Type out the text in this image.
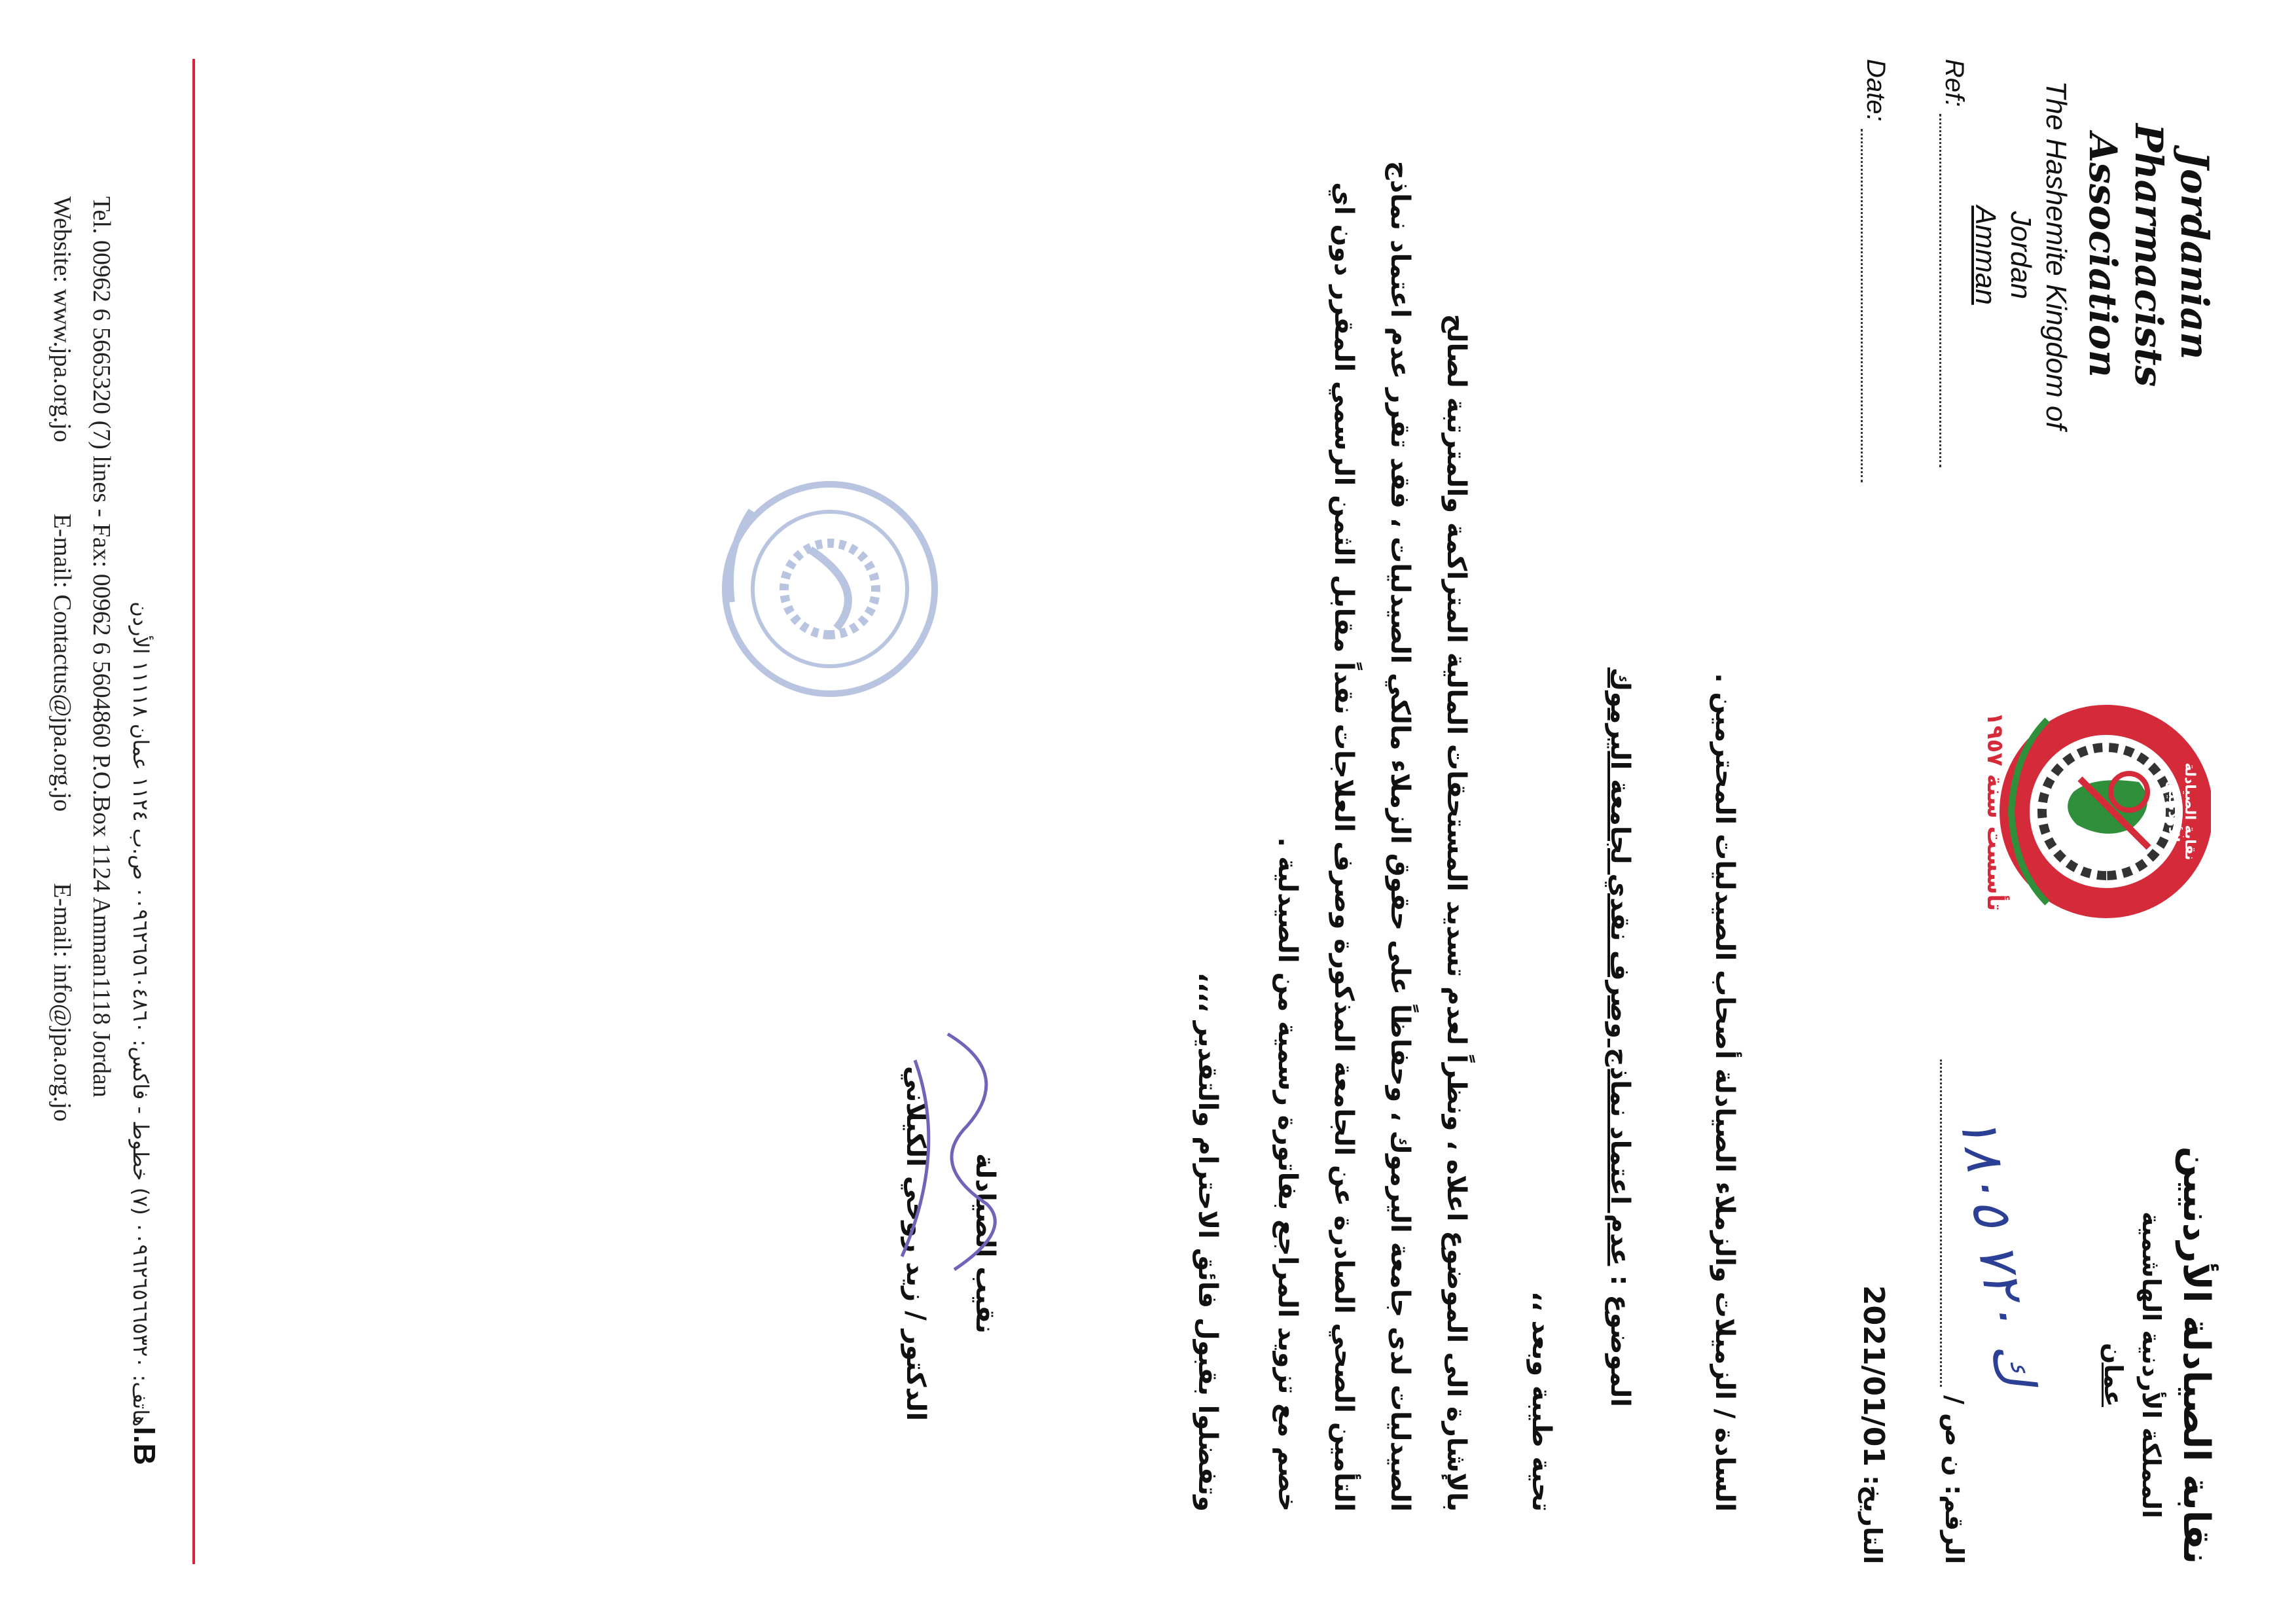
Jordanian Pharmacists
Association
The Hashemite Kingdom of Jordan
Amman
Ref:
Date:
نقابة الصيادلة الأردنيين
تأسست سنة ١٩٥٧
نقابة الصيادلة الأردنيين
المملكة الأردنية الهاشمية
عمان
الرقم: ن ص /
ك ٧٢٠ ١٨٠٥
التاريخ: 2021/01/01
السادة / الزميلات والزملاء الصيادلة أصحاب الصيدليات المحترمين .
الموضوع : عدم اعتماد نماذج وصرف نقدي لجامعة اليرموك
تحية طيبة وبعد ،،
بالإشارة الى الموضوع اعلاه ، ونظراً لعدم تسديد المستحقات المالية المتراكمة والمترتبة لصالح
الصيدليات لدى جامعة اليرموك ، وحفاظاً على حقوق الزملاء مالكي الصيدليات ، فقد تقرر عدم اعتماد نماذج
التأمين الصحي الصادرة عن الجامعة المذكورة وصرف العلاجات نقداً مقابل الثمن الرسمي المقرر دون اي
خصم مع تزويد المراجع بفاتورة رسمية من الصيدلية .
وتفضلوا بقبول فائق الاحترام والتقدير ،،،،
نقيب الصيادلة
الدكتور / زيد روحي الكيلاني
I.B
هاتف: ٠٠٩٦٢٦٥٦٦٥٣٢٠ (٧) خطوط - فاكس: ٠٠٩٦٢٦٥٦٠٤٨٦٠ ص.ب ١١٢٤ عمان ١١١١٨ الأردن
Tel. 00962 6 5665320 (7) lines - Fax: 00962 6 5604860 P.O.Box 1124 Amman1118 Jordan
Website: www.jpa.org.jo  E-mail: Contactus@jpa.org.jo  E-mail: info@jpa.org.jo
